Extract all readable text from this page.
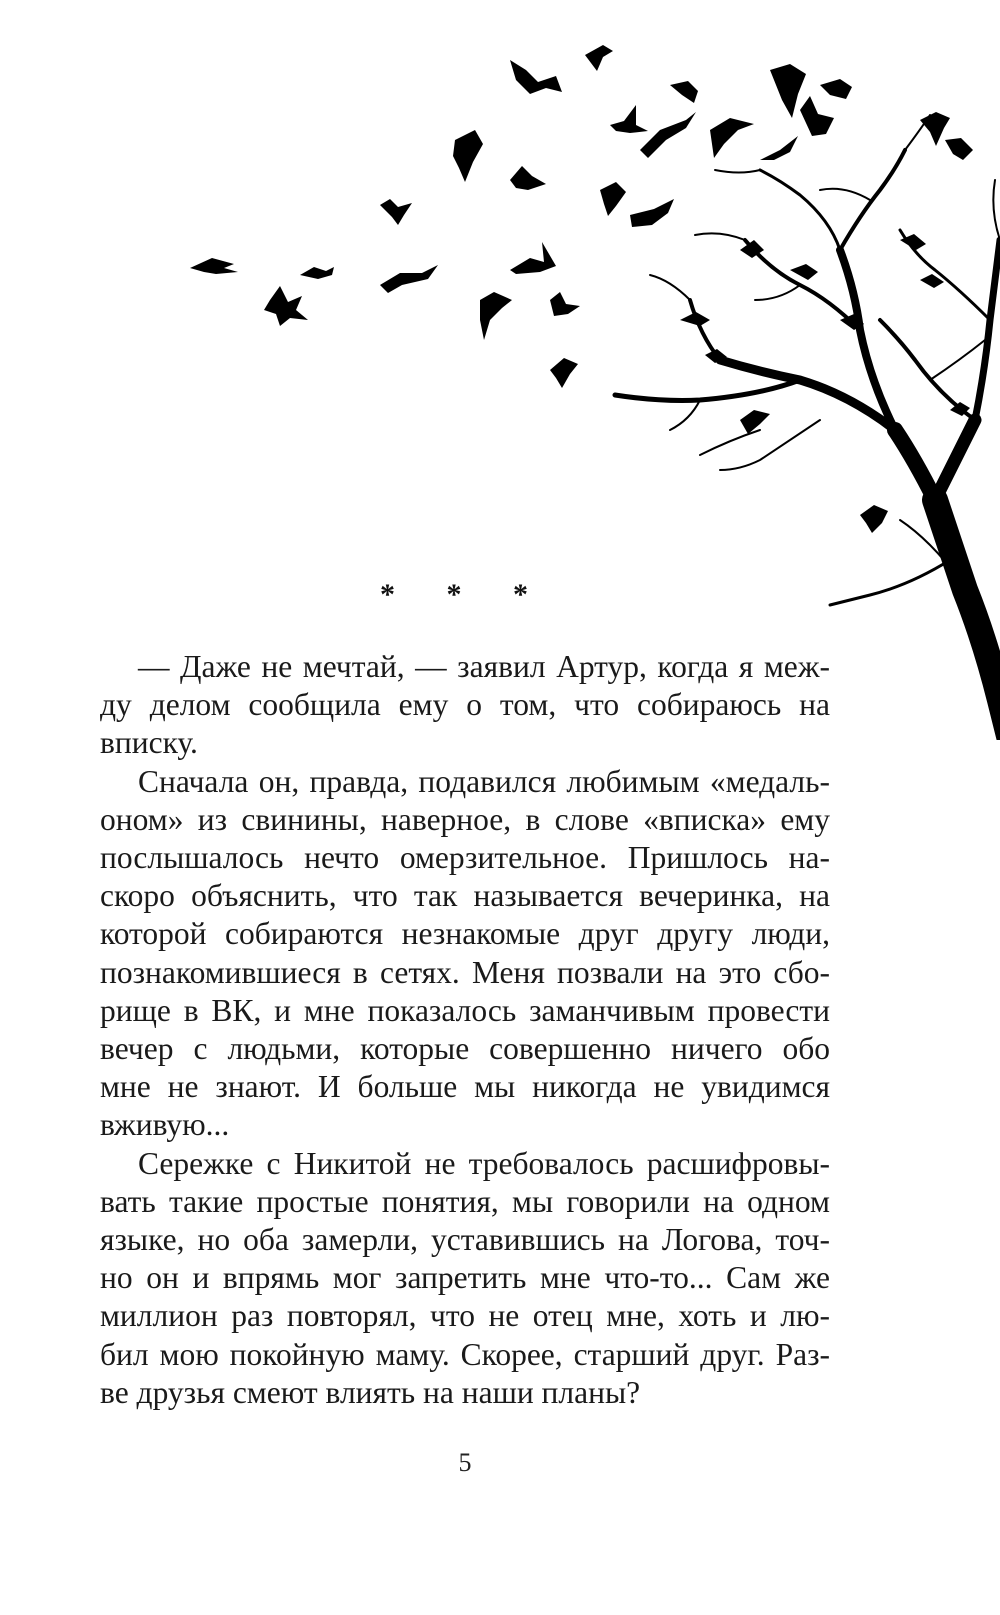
* * *
— Даже не мечтай, — заявил Артур, когда я меж-
ду делом сообщила ему о том, что собираюсь на
вписку.
Сначала он, правда, подавился любимым «медаль-
оном» из свинины, наверное, в слове «вписка» ему
послышалось нечто омерзительное. Пришлось на-
скоро объяснить, что так называется вечеринка, на
которой собираются незнакомые друг другу люди,
познакомившиеся в сетях. Меня позвали на это сбо-
рище в ВК, и мне показалось заманчивым провести
вечер с людьми, которые совершенно ничего обо
мне не знают. И больше мы никогда не увидимся
вживую...
Сережке с Никитой не требовалось расшифровы-
вать такие простые понятия, мы говорили на одном
языке, но оба замерли, уставившись на Логова, точ-
но он и впрямь мог запретить мне что-то... Сам же
миллион раз повторял, что не отец мне, хоть и лю-
бил мою покойную маму. Скорее, старший друг. Раз-
ве друзья смеют влиять на наши планы?
5
